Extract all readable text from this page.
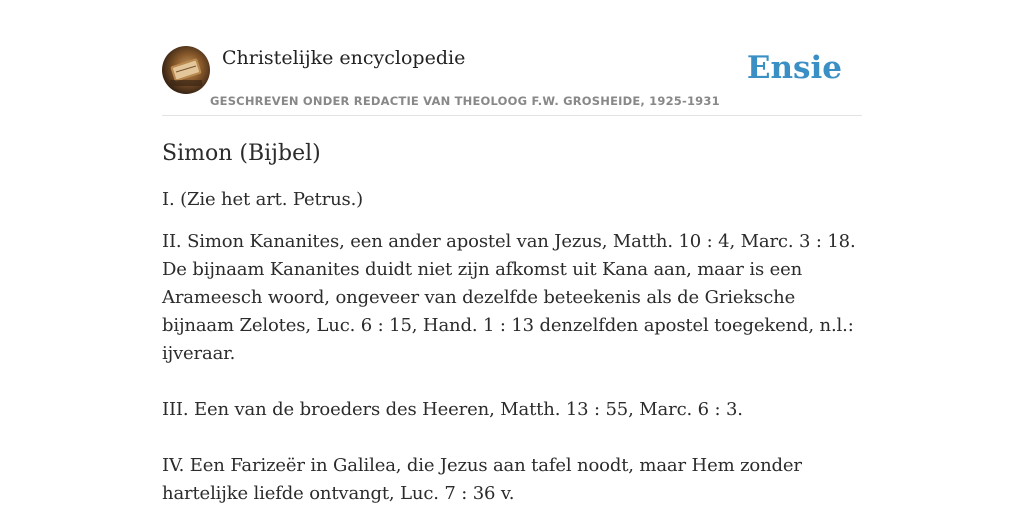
Christelijke encyclopedie
GESCHREVEN ONDER REDACTIE VAN THEOLOOG F.W. GROSHEIDE, 1925-1931
Ensie
Simon (Bijbel)

I. (Zie het art. Petrus.)

II. Simon Kananites, een ander apostel van Jezus, Matth. 10 : 4, Marc. 3 : 18. De bijnaam Kananites duidt niet zijn afkomst uit Kana aan, maar is een Arameesch woord, ongeveer van dezelfde beteekenis als de Grieksche bijnaam Zelotes, Luc. 6 : 15, Hand. 1 : 13 denzelfden apostel toegekend, n.l.: ijveraar.

III. Een van de broeders des Heeren, Matth. 13 : 55, Marc. 6 : 3.

IV. Een Farizeër in Galilea, die Jezus aan tafel noodt, maar Hem zonder hartelijke liefde ontvangt, Luc. 7 : 36 v.
